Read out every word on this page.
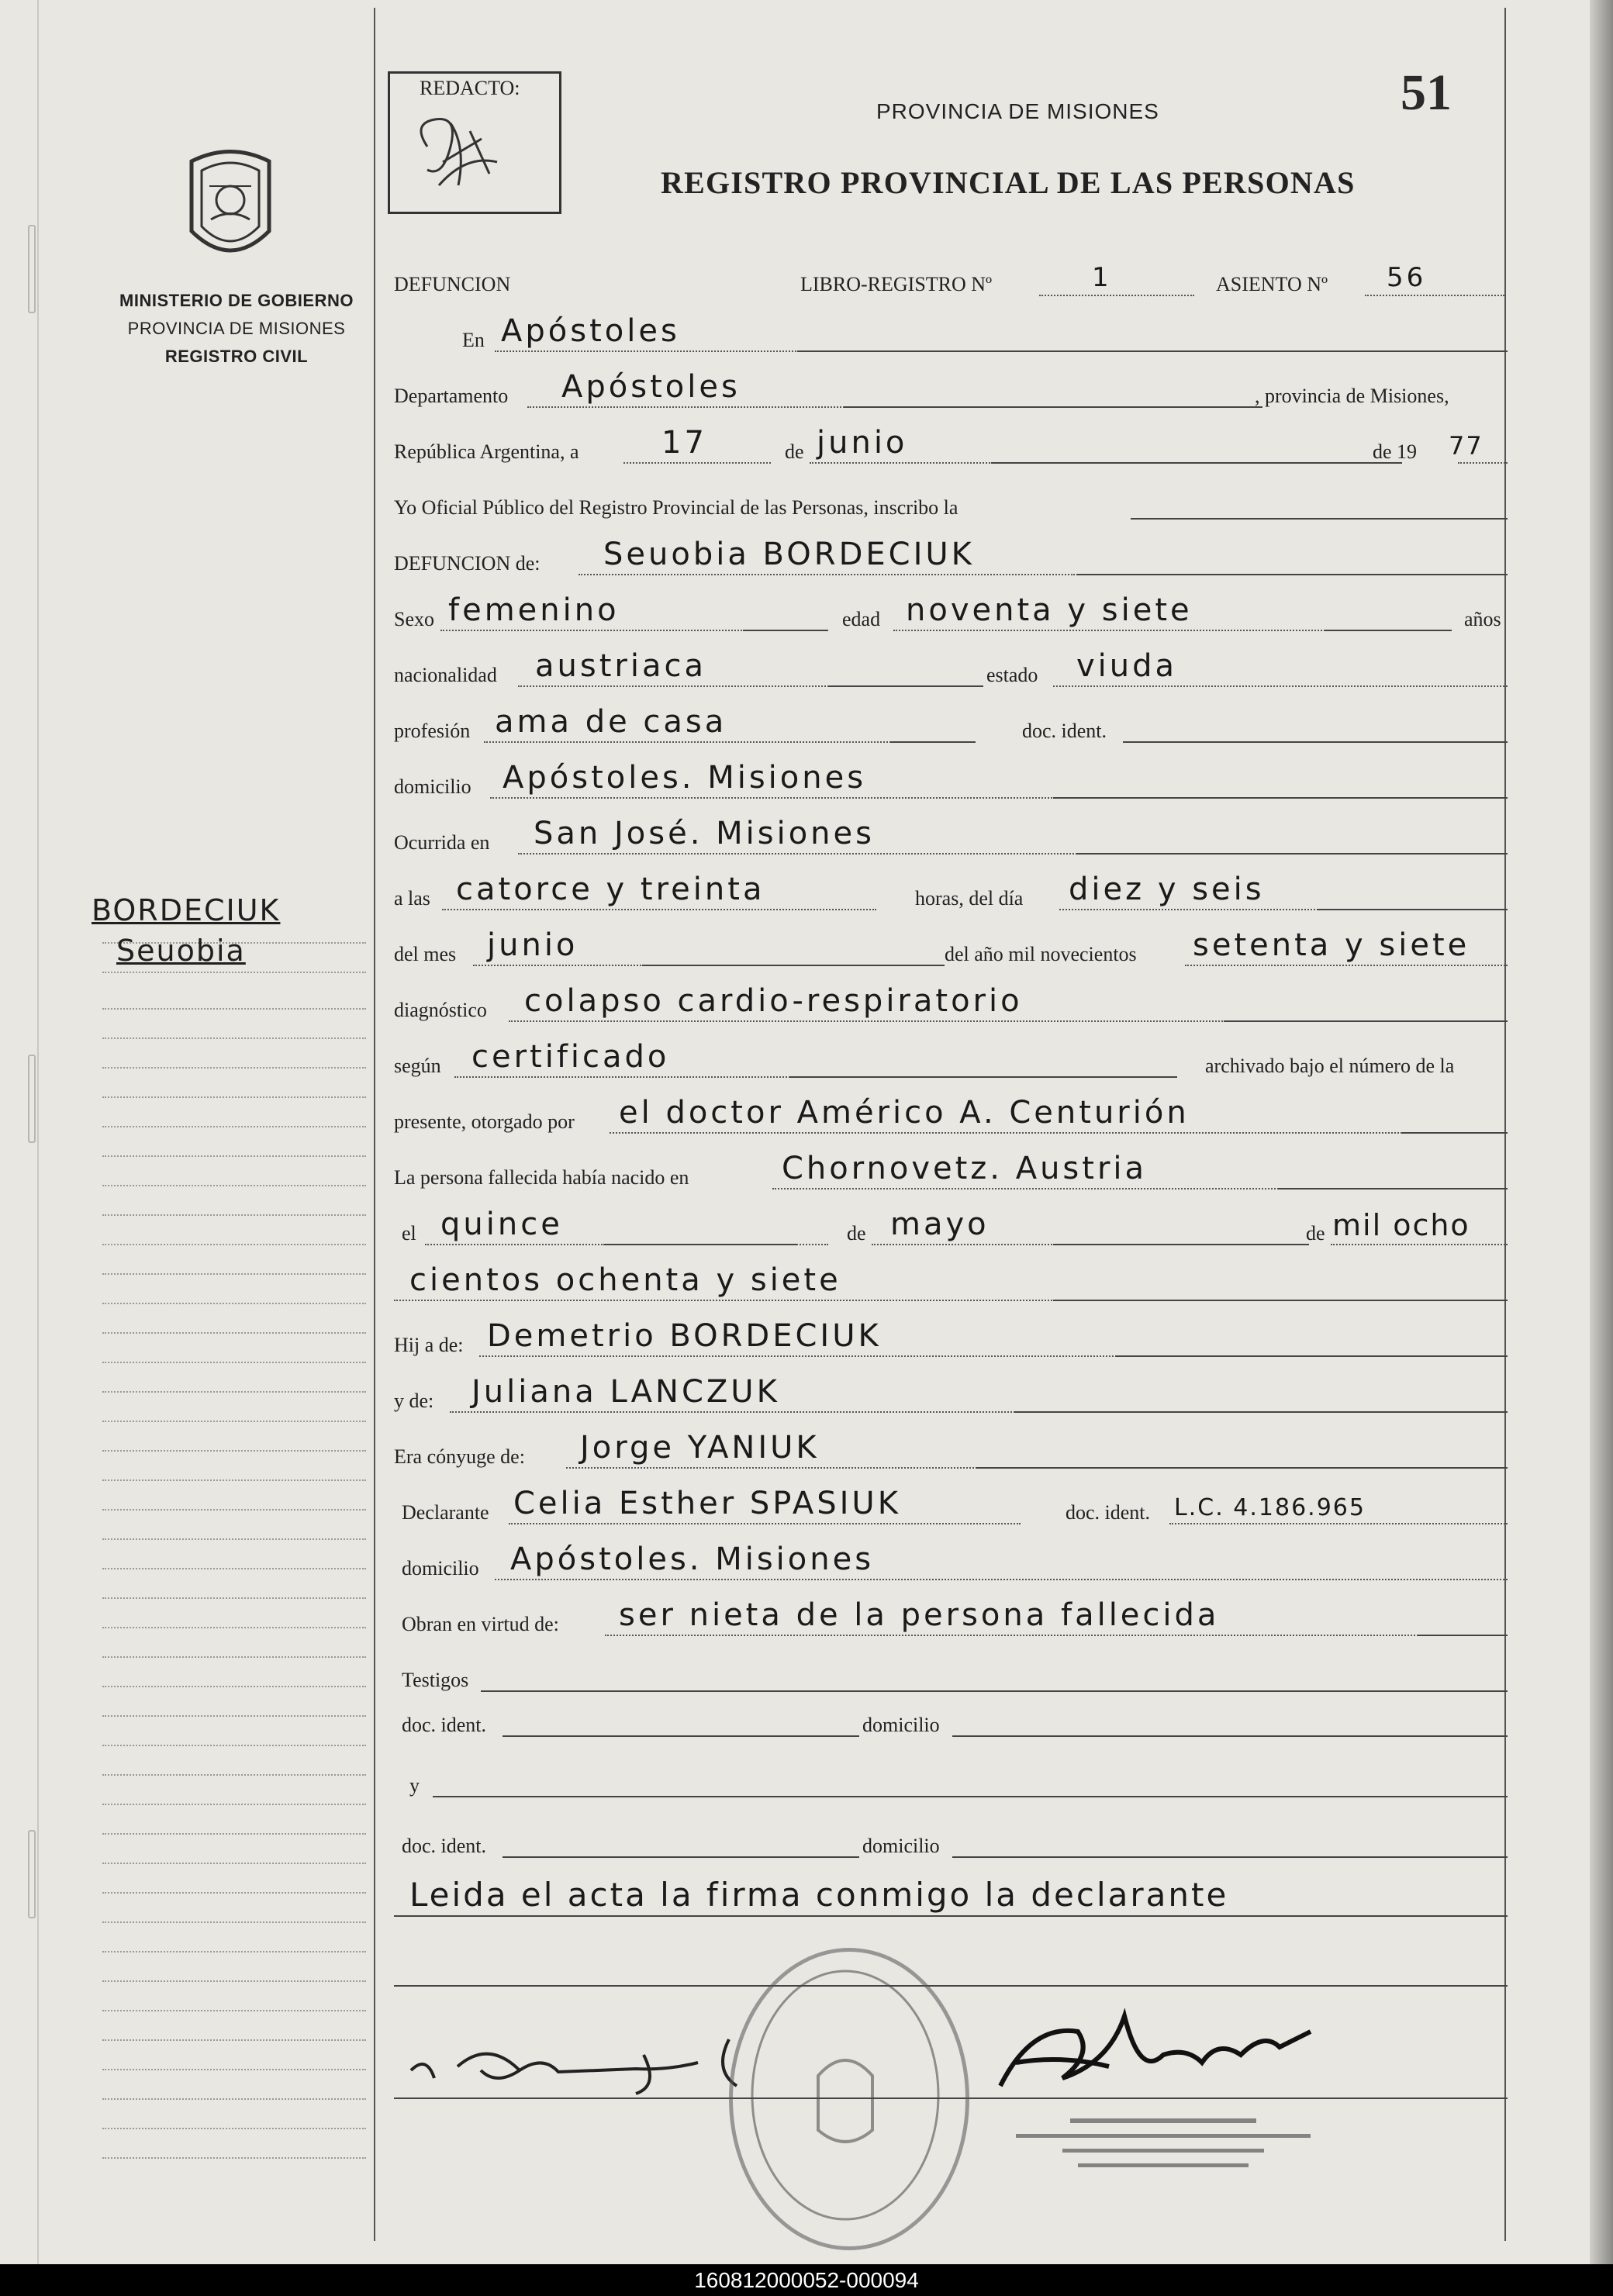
MINISTERIO DE GOBIERNO
PROVINCIA DE MISIONES
REGISTRO CIVIL
BORDECIUK
Seuobia
REDACTO:	51
PROVINCIA DE MISIONES
REGISTRO PROVINCIAL DE LAS PERSONAS
DEFUNCION	LIBRO-REGISTRO Nº	1	ASIENTO Nº 56
En Apóstoles
Departamento Apóstoles	, provincia de Misiones,
República Argentina, a	17	de junio	de 19 77
Yo Oficial Público del Registro Provincial de las Personas, inscribo la
DEFUNCION de: Seuobia BORDECIUK
Sexo femenino	edad noventa y siete	años
nacionalidad austriaca	estado viuda
profesión ama de casa	doc. ident.
domicilio Apóstoles. Misiones
Ocurrida en San José. Misiones
a las catorce y treinta	horas, del día diez y seis
del mes junio	del año mil novecientos setenta y siete
diagnóstico colapso cardio-respiratorio
según certificado	archivado bajo el número de la
presente, otorgado por el doctor Américo A. Centurión
La persona fallecida había nacido en	Chornovetz. Austria
el quince	de mayo	de mil ocho
cientos ochenta y siete
Hij a de: Demetrio BORDECIUK
y de: Juliana LANCZUK
Era cónyuge de: Jorge YANIUK
Declarante Celia Esther SPASIUK	doc. ident. L.C. 4.186.965
domicilio Apóstoles. Misiones
Obran en virtud de: ser nieta de la persona fallecida
Testigos
doc. ident.	domicilio
y
doc. ident.	domicilio
Leida el acta la firma conmigo la declarante
160812000052-000094
